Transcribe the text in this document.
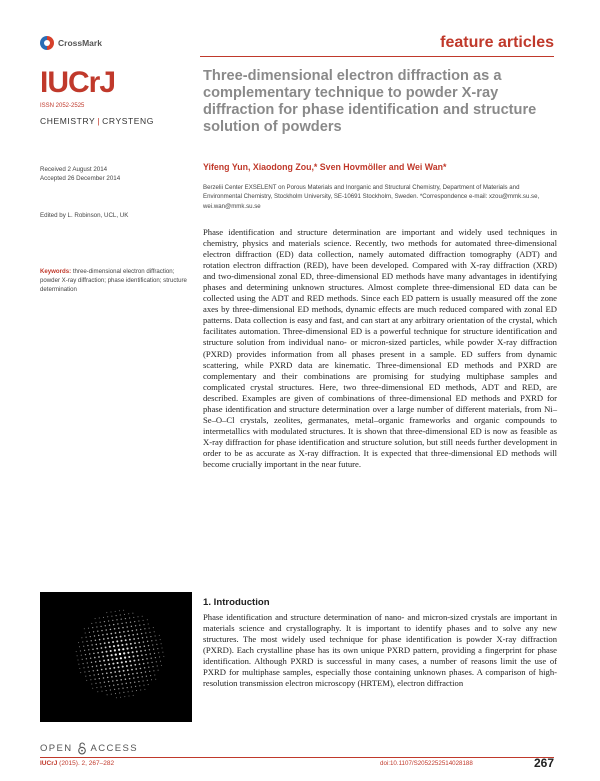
CrossMark	feature articles
IUCrJ
ISSN 2052-2525
CHEMISTRY | CRYSTENG
Three-dimensional electron diffraction as a complementary technique to powder X-ray diffraction for phase identification and structure solution of powders
Received 2 August 2014
Accepted 26 December 2014
Edited by L. Robinson, UCL, UK
Yifeng Yun, Xiaodong Zou,* Sven Hovmöller and Wei Wan*
Berzelii Center EXSELENT on Porous Materials and Inorganic and Structural Chemistry, Department of Materials and Environmental Chemistry, Stockholm University, SE-10691 Stockholm, Sweden. *Correspondence e-mail: xzou@mmk.su.se, wei.wan@mmk.su.se
Keywords: three-dimensional electron diffraction; powder X-ray diffraction; phase identification; structure determination

Phase identification and structure determination are important and widely used techniques in chemistry, physics and materials science. Recently, two methods for automated three-dimensional electron diffraction (ED) data collection, namely automated diffraction tomography (ADT) and rotation electron diffraction (RED), have been developed. Compared with X-ray diffraction (XRD) and two-dimensional zonal ED, three-dimensional ED methods have many advantages in identifying phases and determining unknown structures. Almost complete three-dimensional ED data can be collected using the ADT and RED methods. Since each ED pattern is usually measured off the zone axes by three-dimensional ED methods, dynamic effects are much reduced compared with zonal ED patterns. Data collection is easy and fast, and can start at any arbitrary orientation of the crystal, which facilitates automation. Three-dimensional ED is a powerful technique for structure identification and structure solution from individual nano- or micron-sized particles, while powder X-ray diffraction (PXRD) provides information from all phases present in a sample. ED suffers from dynamic scattering, while PXRD data are kinematic. Three-dimensional ED methods and PXRD are complementary and their combinations are promising for studying multiphase samples and complicated crystal structures. Here, two three-dimensional ED methods, ADT and RED, are described. Examples are given of combinations of three-dimensional ED methods and PXRD for phase identification and structure determination over a large number of different materials, from Ni–Se–O–Cl crystals, zeolites, germanates, metal–organic frameworks and organic compounds to intermetallics with modulated structures. It is shown that three-dimensional ED is now as feasible as X-ray diffraction for phase identification and structure solution, but still needs further development in order to be as accurate as X-ray diffraction. It is expected that three-dimensional ED methods will become crucially important in the near future.

OPEN ACCESS
1. Introduction

Phase identification and structure determination of nano- and micron-sized crystals are important in materials science and crystallography. It is important to identify phases and to solve any new structures. The most widely used technique for phase identification is powder X-ray diffraction (PXRD). Each crystalline phase has its own unique PXRD pattern, providing a fingerprint for phase identification. Although PXRD is successful in many cases, a number of reasons limit the use of PXRD for multiphase samples, especially those containing unknown phases. A comparison of high-resolution transmission electron microscopy (HRTEM), electron diffraction

IUCrJ (2015). 2, 267–282	doi:10.1107/S2052252514028188	267
